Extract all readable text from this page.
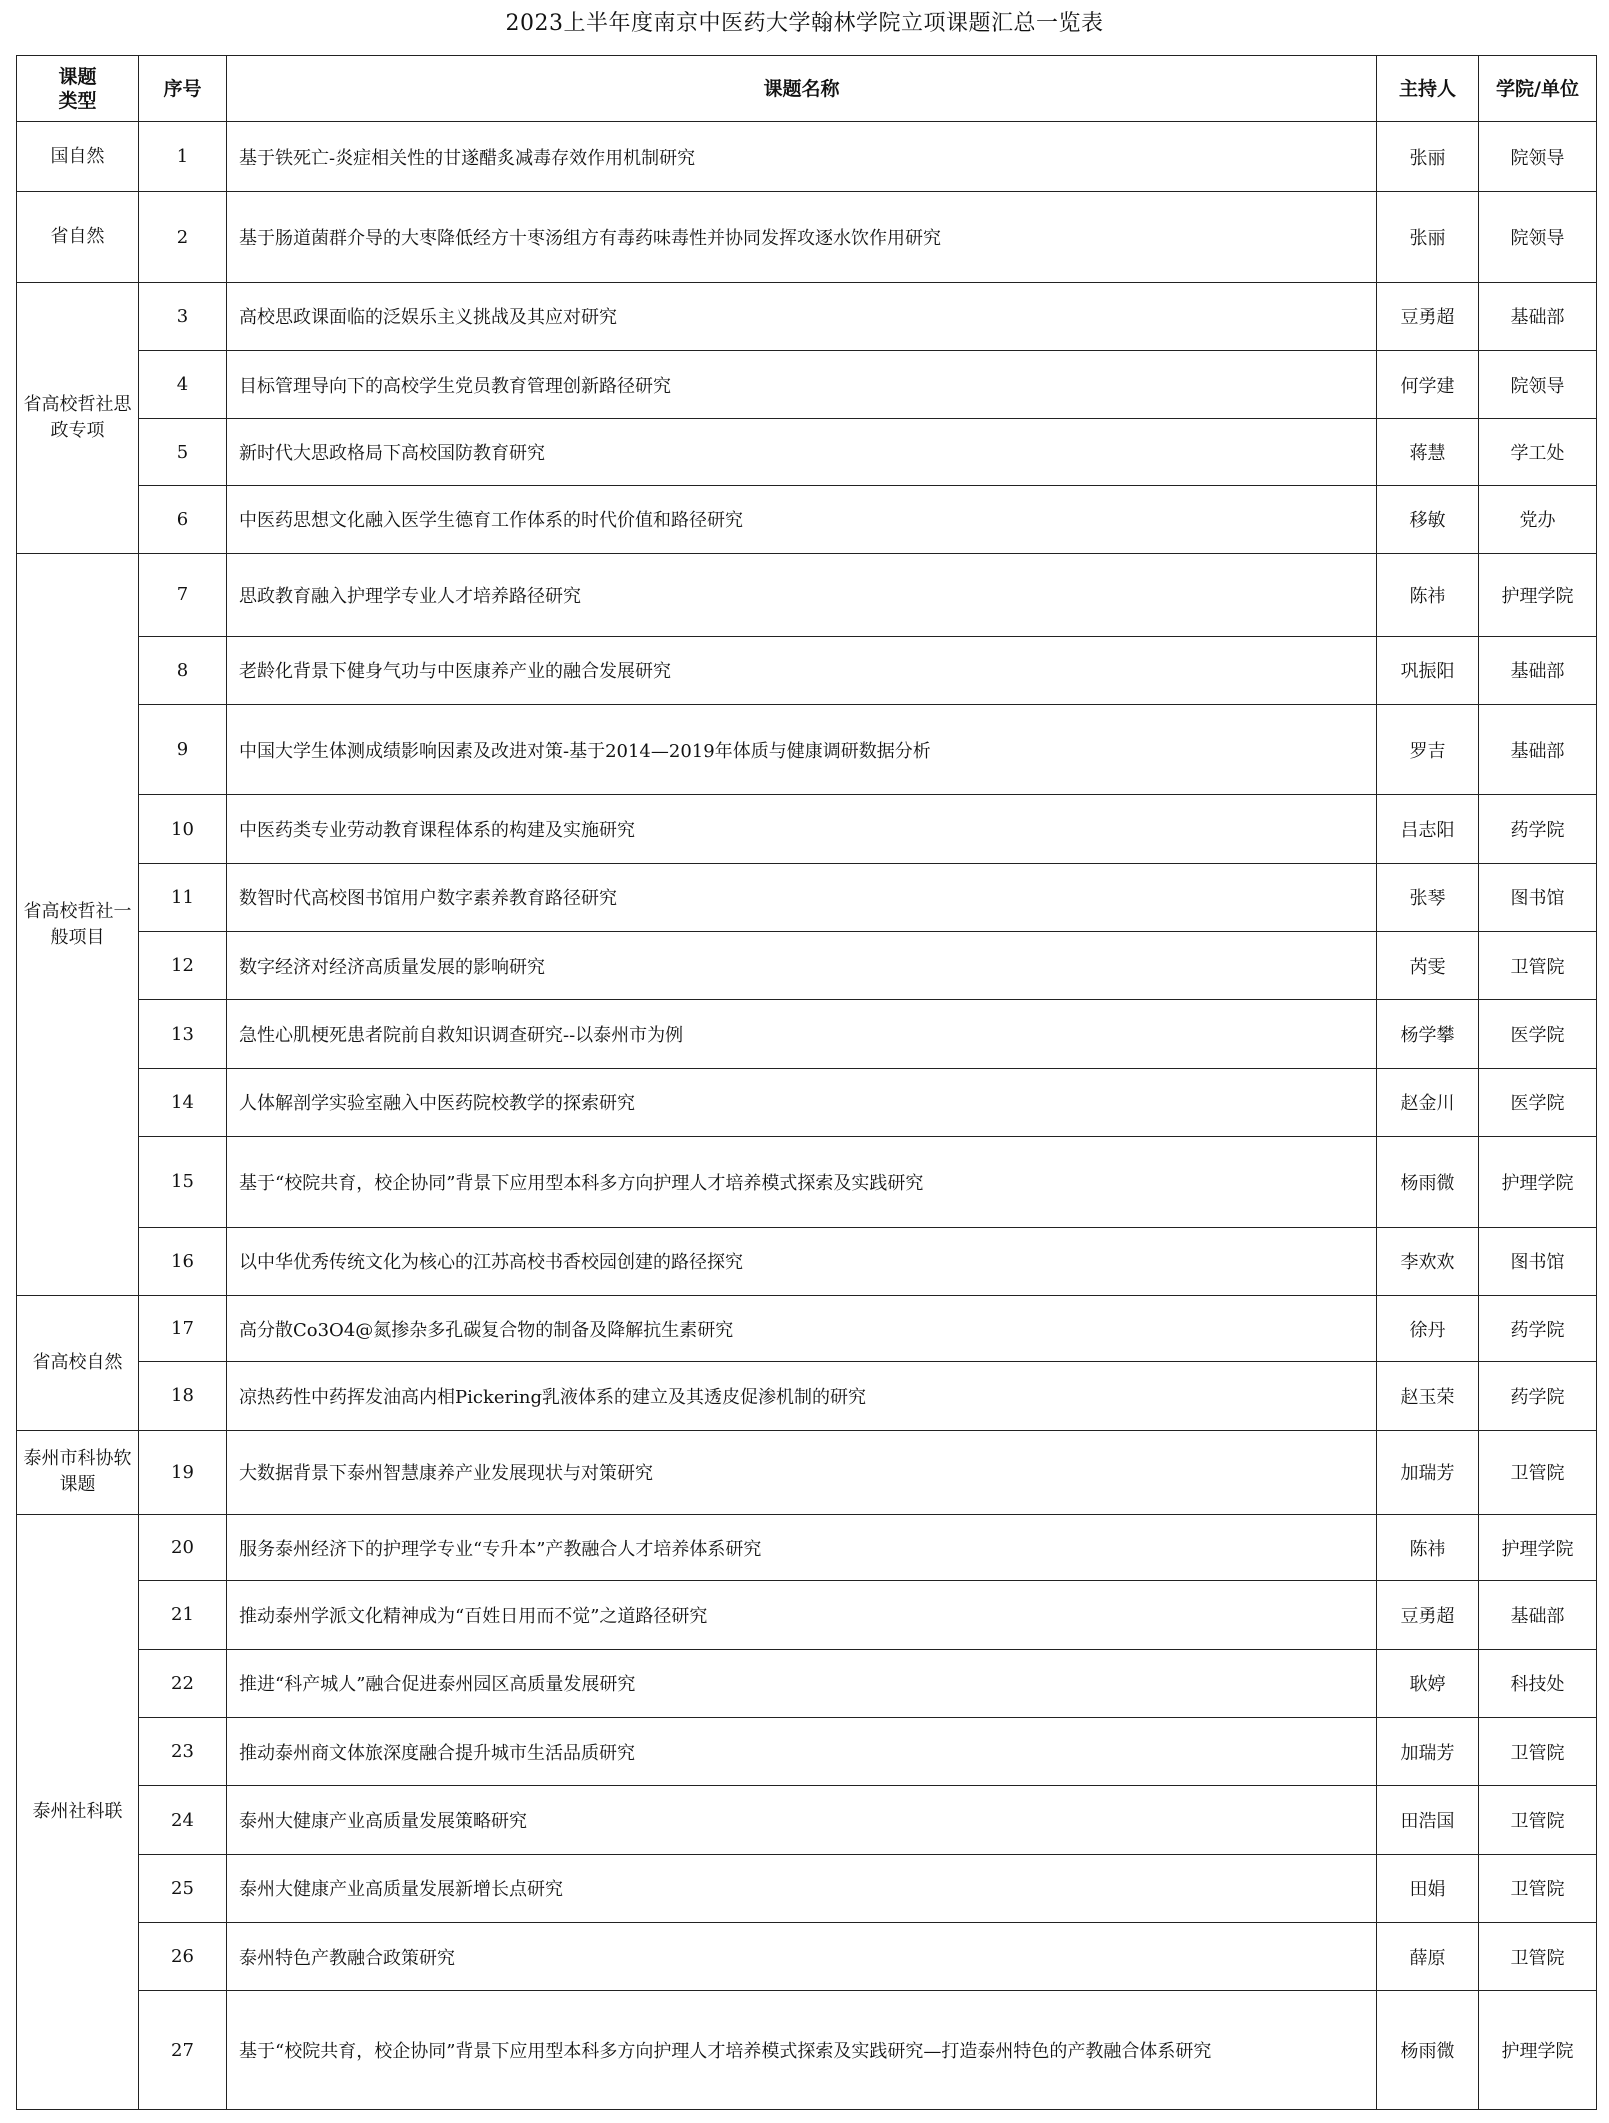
2023上半年度南京中医药大学翰林学院立项课题汇总一览表
课题
类型	序号	课题名称	主持人	学院/单位
国自然	1	基于铁死亡-炎症相关性的甘遂醋炙减毒存效作用机制研究	张丽	院领导
省自然	2	基于肠道菌群介导的大枣降低经方十枣汤组方有毒药味毒性并协同发挥攻逐水饮作用研究	张丽	院领导
省高校哲社思政专项	3	高校思政课面临的泛娱乐主义挑战及其应对研究	豆勇超	基础部
	4	目标管理导向下的高校学生党员教育管理创新路径研究	何学建	院领导
	5	新时代大思政格局下高校国防教育研究	蒋慧	学工处
	6	中医药思想文化融入医学生德育工作体系的时代价值和路径研究	移敏	党办
省高校哲社一般项目	7	思政教育融入护理学专业人才培养路径研究	陈祎	护理学院
	8	老龄化背景下健身气功与中医康养产业的融合发展研究	巩振阳	基础部
	9	中国大学生体测成绩影响因素及改进对策-基于2014—2019年体质与健康调研数据分析	罗吉	基础部
	10	中医药类专业劳动教育课程体系的构建及实施研究	吕志阳	药学院
	11	数智时代高校图书馆用户数字素养教育路径研究	张琴	图书馆
	12	数字经济对经济高质量发展的影响研究	芮雯	卫管院
	13	急性心肌梗死患者院前自救知识调查研究--以泰州市为例	杨学攀	医学院
	14	人体解剖学实验室融入中医药院校教学的探索研究	赵金川	医学院
	15	基于“校院共育，校企协同”背景下应用型本科多方向护理人才培养模式探索及实践研究	杨雨微	护理学院
	16	以中华优秀传统文化为核心的江苏高校书香校园创建的路径探究	李欢欢	图书馆
省高校自然	17	高分散Co3O4@氮掺杂多孔碳复合物的制备及降解抗生素研究	徐丹	药学院
	18	凉热药性中药挥发油高内相Pickering乳液体系的建立及其透皮促渗机制的研究	赵玉荣	药学院
泰州市科协软课题	19	大数据背景下泰州智慧康养产业发展现状与对策研究	加瑞芳	卫管院
泰州社科联	20	服务泰州经济下的护理学专业“专升本”产教融合人才培养体系研究	陈祎	护理学院
	21	推动泰州学派文化精神成为“百姓日用而不觉”之道路径研究	豆勇超	基础部
	22	推进“科产城人”融合促进泰州园区高质量发展研究	耿婷	科技处
	23	推动泰州商文体旅深度融合提升城市生活品质研究	加瑞芳	卫管院
	24	泰州大健康产业高质量发展策略研究	田浩国	卫管院
	25	泰州大健康产业高质量发展新增长点研究	田娟	卫管院
	26	泰州特色产教融合政策研究	薛原	卫管院
	27	基于“校院共育，校企协同”背景下应用型本科多方向护理人才培养模式探索及实践研究—打造泰州特色的产教融合体系研究	杨雨微	护理学院
